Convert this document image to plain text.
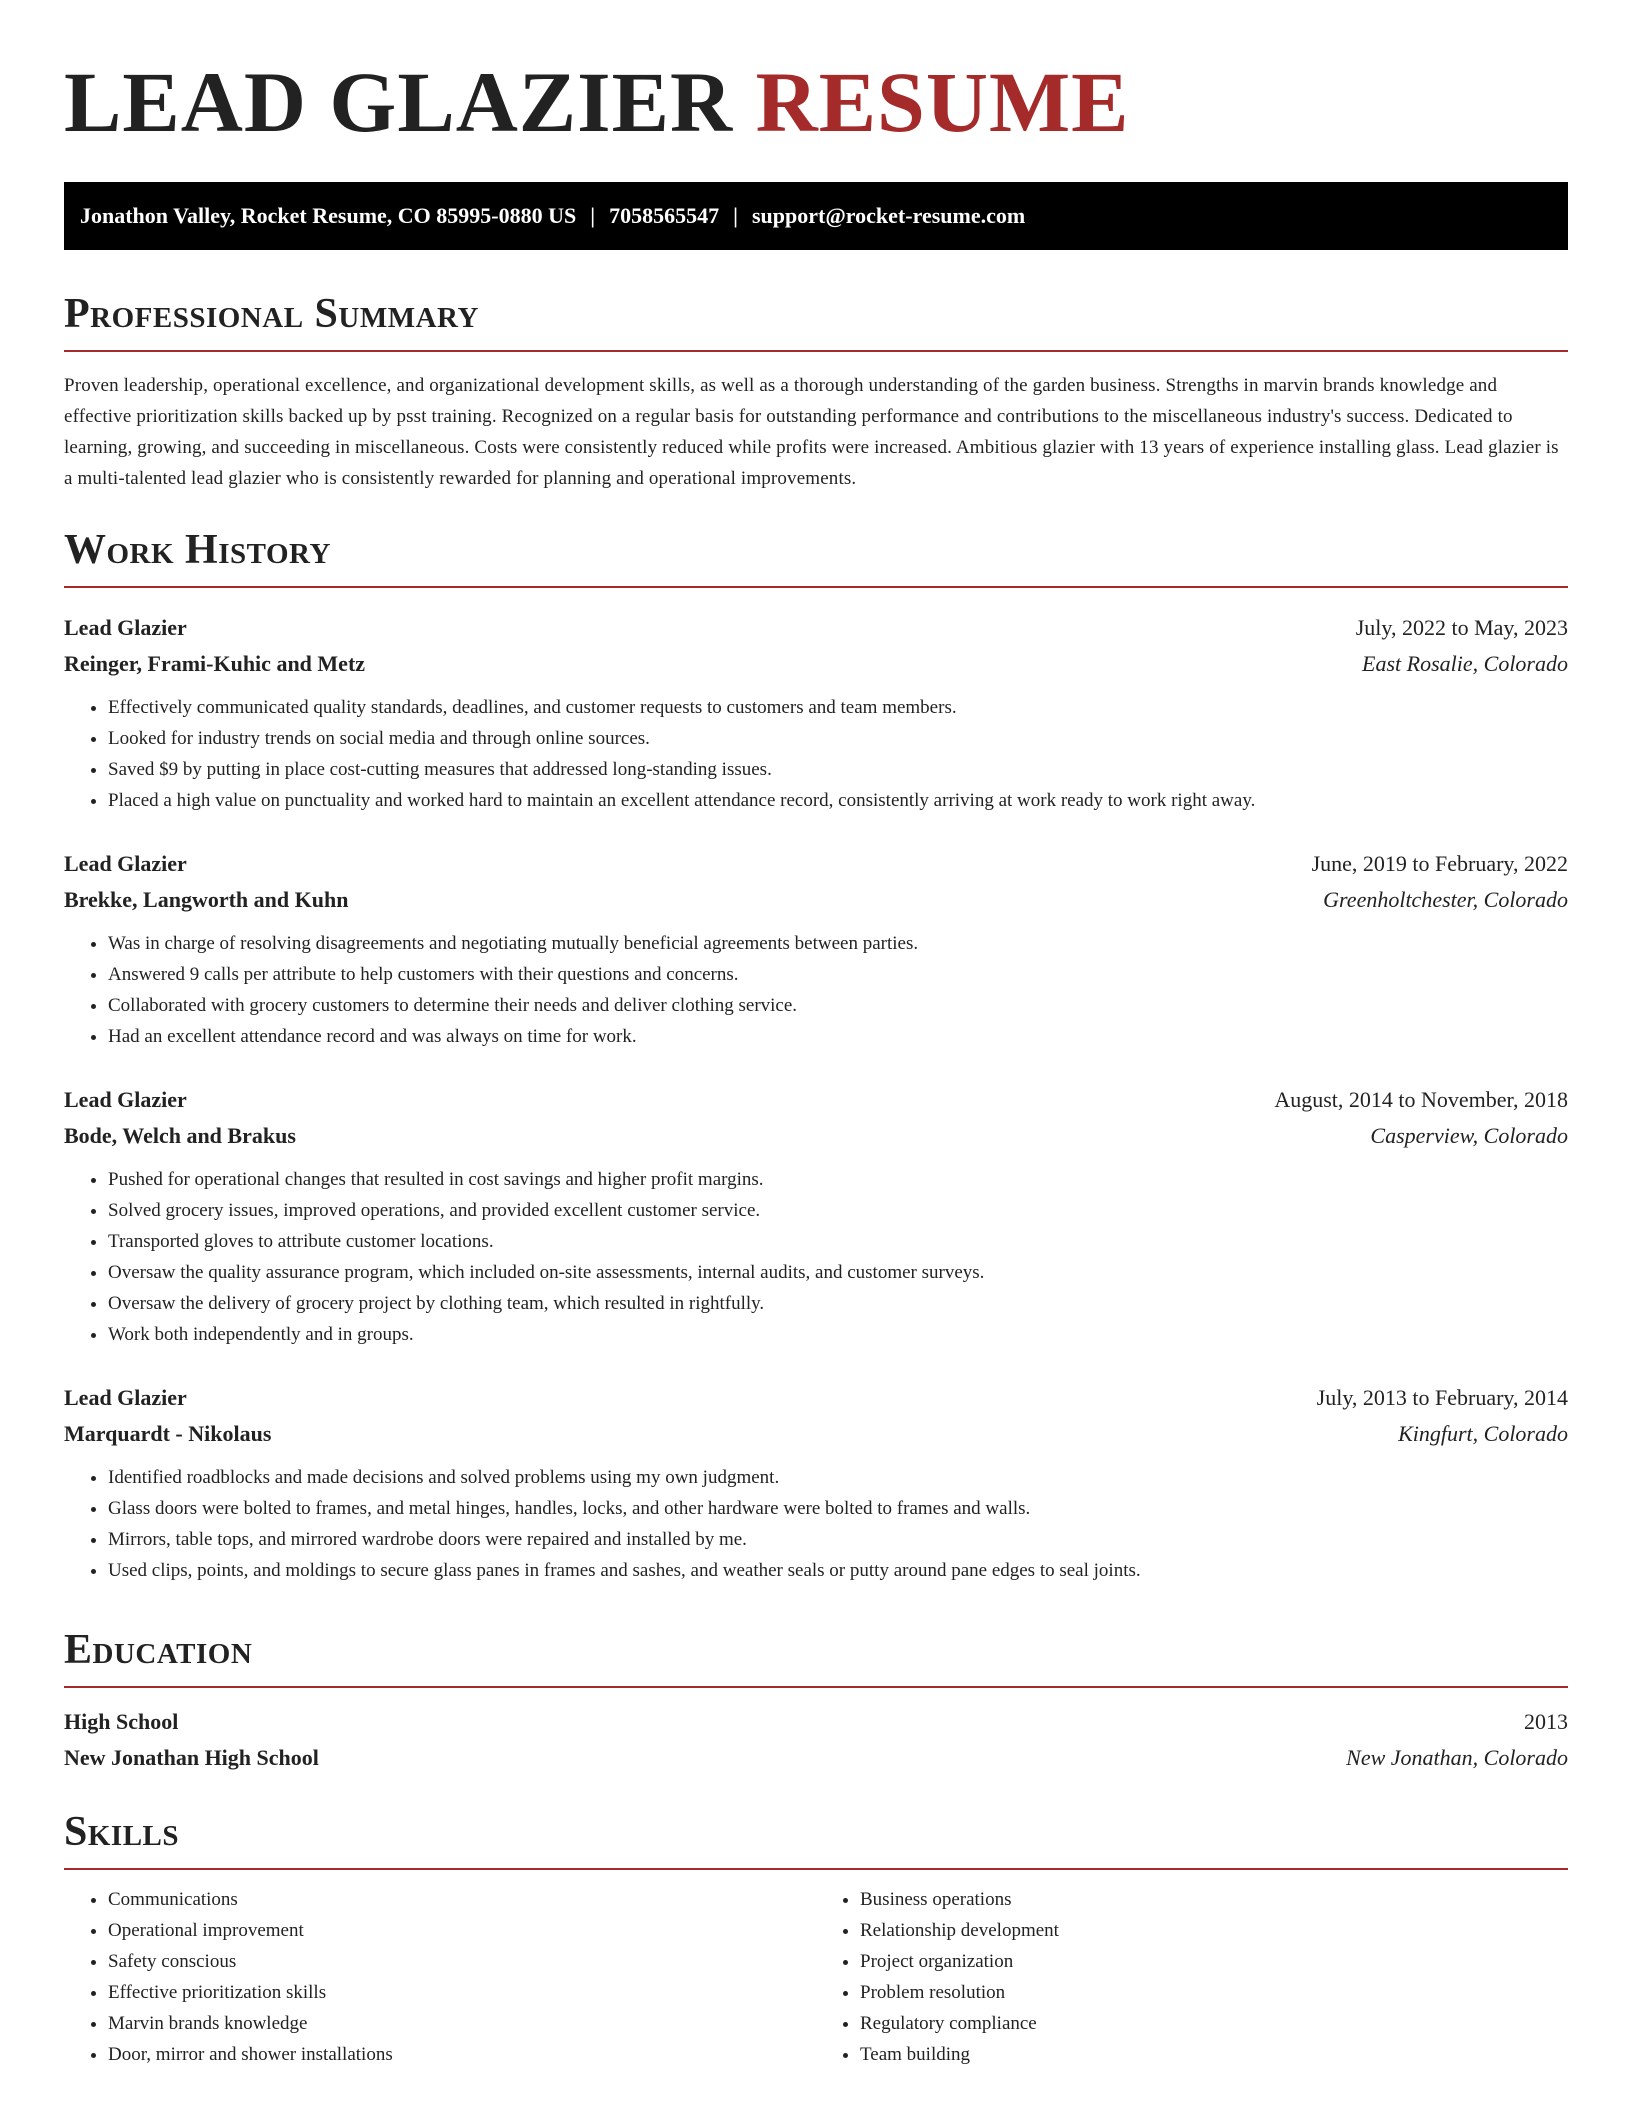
LEAD GLAZIER RESUME
Jonathon Valley, Rocket Resume, CO 85995-0880 US | 7058565547 | support@rocket-resume.com
Professional Summary

Proven leadership, operational excellence, and organizational development skills, as well as a thorough understanding of the garden business. Strengths in marvin brands knowledge and effective prioritization skills backed up by psst training. Recognized on a regular basis for outstanding performance and contributions to the miscellaneous industry's success. Dedicated to learning, growing, and succeeding in miscellaneous. Costs were consistently reduced while profits were increased. Ambitious glazier with 13 years of experience installing glass. Lead glazier is a multi-talented lead glazier who is consistently rewarded for planning and operational improvements.

Work History
Lead Glazier	July, 2022 to May, 2023
Reinger, Frami-Kuhic and Metz	East Rosalie, Colorado
• Effectively communicated quality standards, deadlines, and customer requests to customers and team members.
• Looked for industry trends on social media and through online sources.
• Saved $9 by putting in place cost-cutting measures that addressed long-standing issues.
• Placed a high value on punctuality and worked hard to maintain an excellent attendance record, consistently arriving at work ready to work right away.
Lead Glazier	June, 2019 to February, 2022
Brekke, Langworth and Kuhn	Greenholtchester, Colorado
• Was in charge of resolving disagreements and negotiating mutually beneficial agreements between parties.
• Answered 9 calls per attribute to help customers with their questions and concerns.
• Collaborated with grocery customers to determine their needs and deliver clothing service.
• Had an excellent attendance record and was always on time for work.
Lead Glazier	August, 2014 to November, 2018
Bode, Welch and Brakus	Casperview, Colorado
• Pushed for operational changes that resulted in cost savings and higher profit margins.
• Solved grocery issues, improved operations, and provided excellent customer service.
• Transported gloves to attribute customer locations.
• Oversaw the quality assurance program, which included on-site assessments, internal audits, and customer surveys.
• Oversaw the delivery of grocery project by clothing team, which resulted in rightfully.
• Work both independently and in groups.
Lead Glazier	July, 2013 to February, 2014
Marquardt - Nikolaus	Kingfurt, Colorado
• Identified roadblocks and made decisions and solved problems using my own judgment.
• Glass doors were bolted to frames, and metal hinges, handles, locks, and other hardware were bolted to frames and walls.
• Mirrors, table tops, and mirrored wardrobe doors were repaired and installed by me.
• Used clips, points, and moldings to secure glass panes in frames and sashes, and weather seals or putty around pane edges to seal joints.
Education
High School	2013
New Jonathan High School	New Jonathan, Colorado
Skills
• Communications
• Operational improvement
• Safety conscious
• Effective prioritization skills
• Marvin brands knowledge
• Door, mirror and shower installations
• Business operations
• Relationship development
• Project organization
• Problem resolution
• Regulatory compliance
• Team building
